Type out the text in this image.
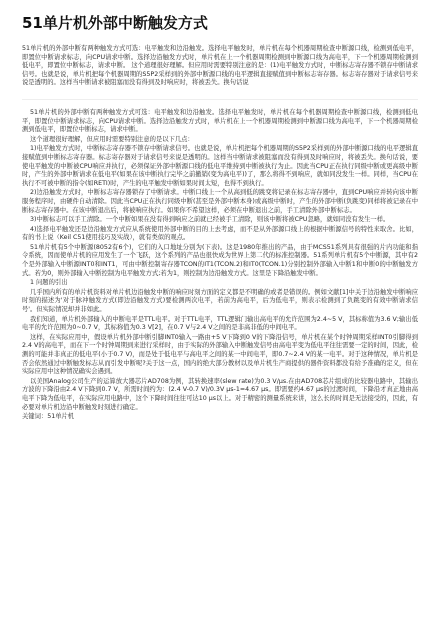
51单片机外部中断触发方式

51单片机的外部中断有两种触发方式可选：电平触发和边沿触发。选择电平触发时，单片机在每个机器周期检查中断源口线，检测到低电平，即置位中断请求标志，向CPU请求中断。选择边沿触发方式时，单片机在上一个机器周期检测到中断源口线为高电平，下一个机器周期检测到低电平，即置位中断标志，请求中断。 这个道理很好理解。但应用时需要特别注意的是：(1)电平触发方式时，中断标志寄存器不锁存中断请求信号。也就是说，单片机把每个机器周期的S5P2采样到的外部中断源口线的电平逻辑直接赋值到中断标志寄存器。标志寄存器对于请求信号来说是透明的。这样当中断请求被阻塞而没有得到及时响应时，将被丢失。换句话说

51单片机的外部中断有两种触发方式可选：电平触发和边沿触发。选择电平触发时，单片机在每个机器周期检查中断源口线，检测到低电平，即置位中断请求标志，向CPU请求中断。选择边沿触发方式时，单片机在上一个机器周期检测到中断源口线为高电平，下一个机器周期检测到低电平，即置位中断标志，请求中断。

这个道理很好理解，但应用时需要特别注意的是以下几点：

1)电平触发方式时，中断标志寄存器不锁存中断请求信号。也就是说，单片机把每个机器周期的S5P2采样到的外部中断源口线的电平逻辑直接赋值到中断标志寄存器。标志寄存器对于请求信号来说是透明的。这样当中断请求被阻塞而没有得到及时响应时，将被丢失。换句话说，要使电平触发的中断被CPU响应并执行，必须保证外部中断源口线的低电平维持到中断被执行为止。因此当CPU正在执行同级中断或更高级中断时，产生的外部中断请求在低电平(如果在该中断执行完毕之前撤销(变为高电平))了，那么将得不到响应，就如同没发生一样。同样，当CPU在执行不可被中断的指令(如RETI)时，产生的电平触发中断如果时间太短，也得不到执行。

2)边沿触发方式时，中断标志寄存器锁存了中断请求。中断口线上一个从高到低的跳变将记录在标志寄存器中，直到CPU响应并转向该中断服务程序时，由硬件自动清除。因此当CPU正在执行同级中断(甚至是外部中断本身)或高级中断时，产生的外部中断(负跳变)同样将被记录在中断标志寄存器中。在该中断退出后，将被响应执行。如果你不希望这样，必须在中断退出之前，手工清除外部中断标志。

3)中断标志可以手工清除。一个中断如果在没有得到响应之前就已经被手工清除，则该中断将被CPU忽略，就如同没有发生一样。

4)选择电平触发还是边沿触发方式应从系统使用外部中断的目的上去考虑，而不是从外部源口线上的根据中断源信号的特性来取舍。比如，有的书上说（Keil C51使用技巧及实战），就有类似的观点。

51单片机有5个中断源(8052有6个)，它们的入口地址分别为(下表)。这是1980年推出的产品，由于MCS51系列具有很强的片内功能和指令系统，因而使单片机的应用发生了一个飞跃，这个系列的产品也很快成为世界上第二代的标准控制器。51系列单片机有5个中断源，其中有2个是外部输入中断源INT0和INT1，可由中断控制寄存器TCON的IT1(TCON.2)和IT0(TCON.1)分别控制外部输入中断1和中断0的中断触发方式。若为0，则外部输入中断控制为电平触发方式;若为1，则控制为边沿触发方式。这里是下降沿触发中断。

1 问题的引出

几乎国内所有的单片机资料对单片机边沿触发中断的响应时刻方面的定义都是不明确的或者是错误的。例如文献[1]中关于边沿触发中断响应时刻的描述为'对于脉冲触发方式(即边沿触发方式)要检测两次电平，若前为高电平，后为低电平，则表示检测到了负跳变的有效中断请求信号'。但实际情况却并非如此。

我们知道，单片机外部输入的中断电平是TTL电平。对于TTL电平，TTL逻辑门输出高电平的允许范围为2.4~5 V，其标称值为3.6 V;输出低电平的允许范围为0~0.7 V，其标称值为0.3 V[2]，在0.7 V与2.4 V之间的是非高非低的中间电平。

这样，在实际应用中，假设单片机外部中断引脚INT0输入一路由+5 V下降到0 V的下降沿信号，单片机在某个时钟周期采样INT0引脚得到2.4 V的高电平，而在下一个时钟周期到来进行采样时，由于实际的外部输入中断触发信号由高电平变为低电平往往需要一定的时间，因此，检测的可能并非真正的低电平(小于0.7 V)，而是处于低电平与高电平之间的某一中间电平，即0.7~2.4 V的某一电平。对于这种情况，单片机是否会依然通过中断触发标志从而引发中断呢?关于这一点，国内的绝大部分教材以及单片机生产商提供的器件资料都没有给予准确的定义，但在实际应用中这种情况确实会遇到。

以美国Analog公司生产的运算放大器芯片AD708为例，其转换速率(slew rate)为0.3 V/μs.在由AD708芯片组成的比较器电路中，其输出方波的下降沿由2.4 V下降到0.7 V，所需时间约为：(2.4 V-0.7 V)/0.3V μs-1=4.67 μs。即需要约4.67 μs的过渡时间，下降沿才真正地由高电平下降为低电平，在实际应用电路中，这个下降时间往往可达10 μs以上。对于精密的测量系统来讲，这么长的时间是无法接受的，因此，有必要对单片机边沿中断触发时刻进行确定。

关键词：51单片机
